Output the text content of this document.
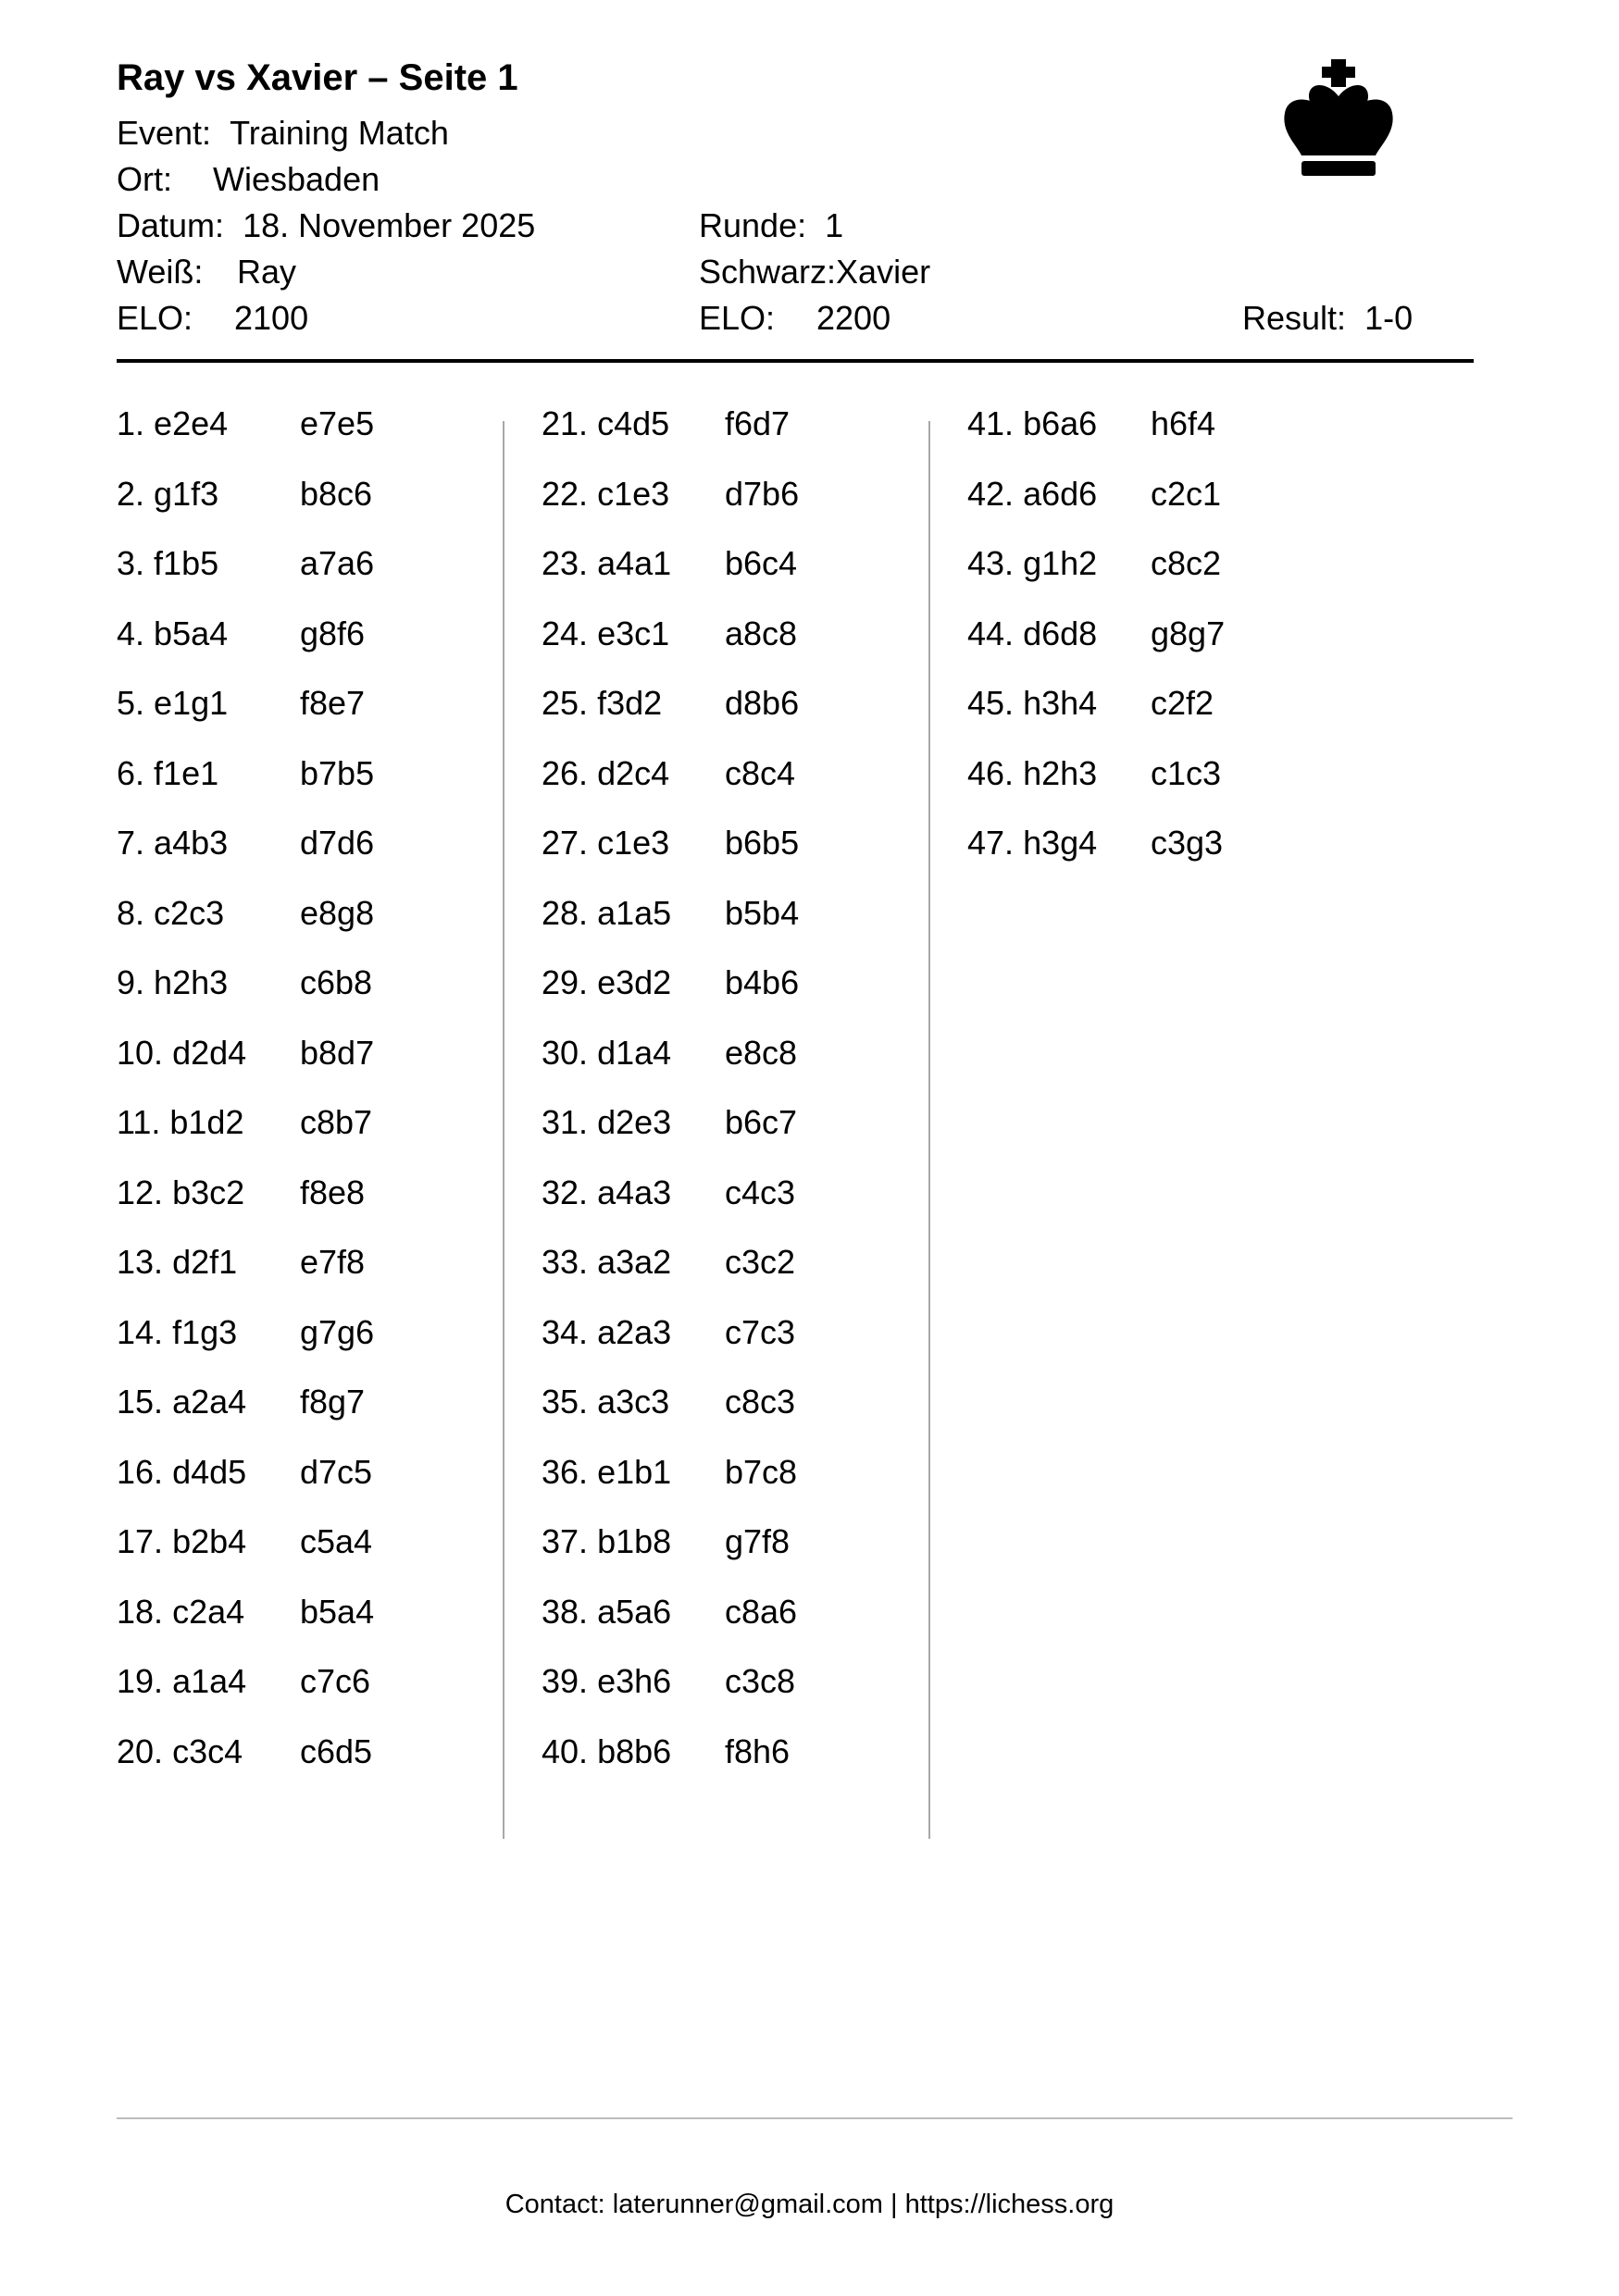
Ray vs Xavier – Seite 1
Event: Training Match
Ort: Wiesbaden
Datum: 18. November 2025	Runde: 1
Weiß: Ray	Schwarz:Xavier
ELO: 2100	ELO: 2200	Result: 1-0
1. e2e4 e7e5
2. g1f3 b8c6
3. f1b5 a7a6
4. b5a4 g8f6
5. e1g1 f8e7
6. f1e1 b7b5
7. a4b3 d7d6
8. c2c3 e8g8
9. h2h3 c6b8
10. d2d4 b8d7
11. b1d2 c8b7
12. b3c2 f8e8
13. d2f1 e7f8
14. f1g3 g7g6
15. a2a4 f8g7
16. d4d5 d7c5
17. b2b4 c5a4
18. c2a4 b5a4
19. a1a4 c7c6
20. c3c4 c6d5
21. c4d5 f6d7
22. c1e3 d7b6
23. a4a1 b6c4
24. e3c1 a8c8
25. f3d2 d8b6
26. d2c4 c8c4
27. c1e3 b6b5
28. a1a5 b5b4
29. e3d2 b4b6
30. d1a4 e8c8
31. d2e3 b6c7
32. a4a3 c4c3
33. a3a2 c3c2
34. a2a3 c7c3
35. a3c3 c8c3
36. e1b1 b7c8
37. b1b8 g7f8
38. a5a6 c8a6
39. e3h6 c3c8
40. b8b6 f8h6
41. b6a6 h6f4
42. a6d6 c2c1
43. g1h2 c8c2
44. d6d8 g8g7
45. h3h4 c2f2
46. h2h3 c1c3
47. h3g4 c3g3
Contact: laterunner@gmail.com | https://lichess.org
